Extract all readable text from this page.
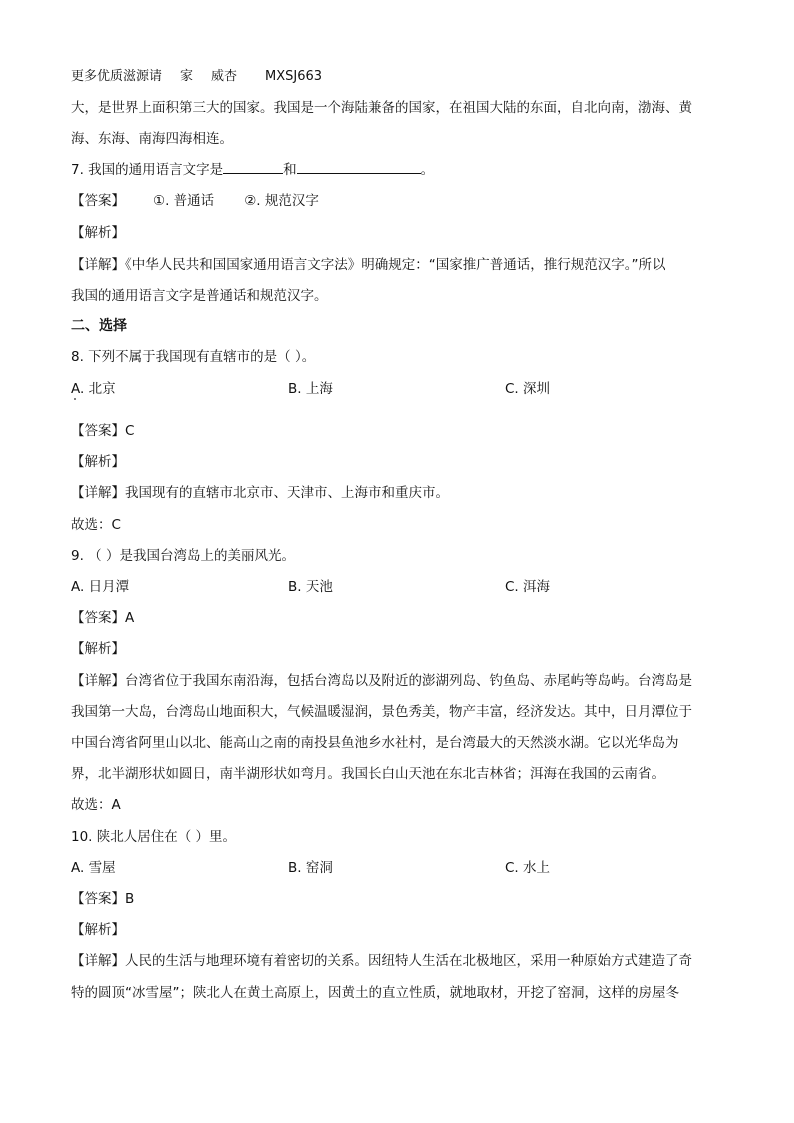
更多优质滋源请 家 威杏 MXSJ663
大，是世界上面积第三大的国家。我国是一个海陆兼备的国家，在祖国大陆的东面，自北向南，渤海、黄
海、东海、南海四海相连。
7. 我国的通用语言文字是	和	。
【答案】 ①. 普通话 ②. 规范汉字
【解析】
【详解】《中华人民共和国国家通用语言文字法》明确规定：“国家推广普通话，推行规范汉字。”所以
我国的通用语言文字是普通话和规范汉字。
二、选择
8. 下列不属于我国现有直辖市的是（ ）。
A. 北京	B. 上海	C. 深圳
【答案】C
【解析】
【详解】我国现有的直辖市北京市、天津市、上海市和重庆市。
故选：C
9. （ ）是我国台湾岛上的美丽风光。
A. 日月潭	B. 天池	C. 洱海
【答案】A
【解析】
【详解】台湾省位于我国东南沿海，包括台湾岛以及附近的澎湖列岛、钓鱼岛、赤尾屿等岛屿。台湾岛是
我国第一大岛，台湾岛山地面积大，气候温暖湿润，景色秀美，物产丰富，经济发达。其中，日月潭位于
中国台湾省阿里山以北、能高山之南的南投县鱼池乡水社村，是台湾最大的天然淡水湖。它以光华岛为
界，北半湖形状如圆日，南半湖形状如弯月。我国长白山天池在东北吉林省；洱海在我国的云南省。
故选：A
10. 陕北人居住在（ ）里。
A. 雪屋	B. 窑洞	C. 水上
【答案】B
【解析】
【详解】人民的生活与地理环境有着密切的关系。因纽特人生活在北极地区，采用一种原始方式建造了奇
特的圆顶“冰雪屋”；陕北人在黄土高原上，因黄土的直立性质，就地取材，开挖了窑洞，这样的房屋冬
